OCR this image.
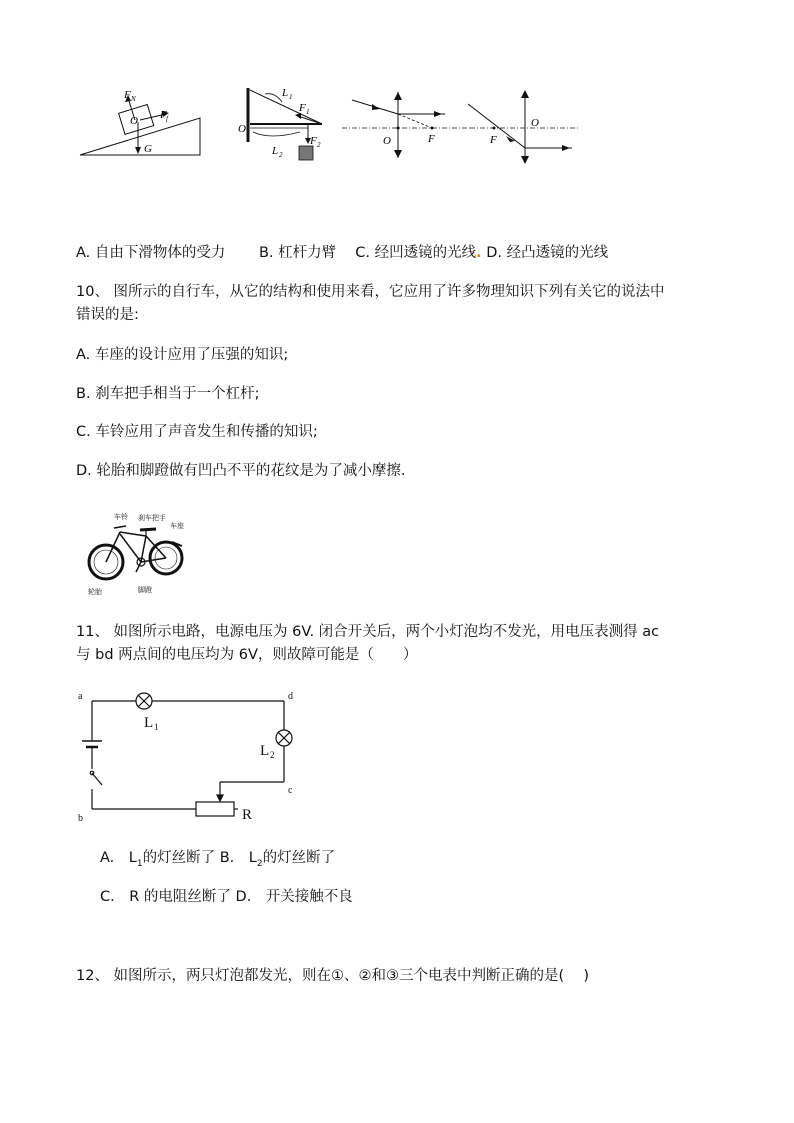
F N
O F f
G
O
L 1
F 1
L 2
F 2	O	F	F
O
A. 自由下滑物体的受力　　 B. 杠杆力臂　 C. 经凹透镜的光线. D. 经凸透镜的光线
10、 图所示的自行车，从它的结构和使用来看，它应用了许多物理知识下列有关它的说法中
错误的是:
A. 车座的设计应用了压强的知识;
B. 刹车把手相当于一个杠杆;
C. 车铃应用了声音发生和传播的知识;
D. 轮胎和脚蹬做有凹凸不平的花纹是为了减小摩擦.
车铃 刹车把手
车座
轮胎	脚蹬
11、 如图所示电路，电源电压为 6V. 闭合开关后，两个小灯泡均不发光，用电压表测得 ac
与 bd 两点间的电压均为 6V，则故障可能是（　　）
a
b
c
d
L 1
L 2
R
A.　$L_1$的灯丝断了 B.　$L_2$的灯丝断了
C.　R 的电阻丝断了 D.　开关接触不良
12、 如图所示，两只灯泡都发光，则在①、②和③三个电表中判断正确的是(　 )
